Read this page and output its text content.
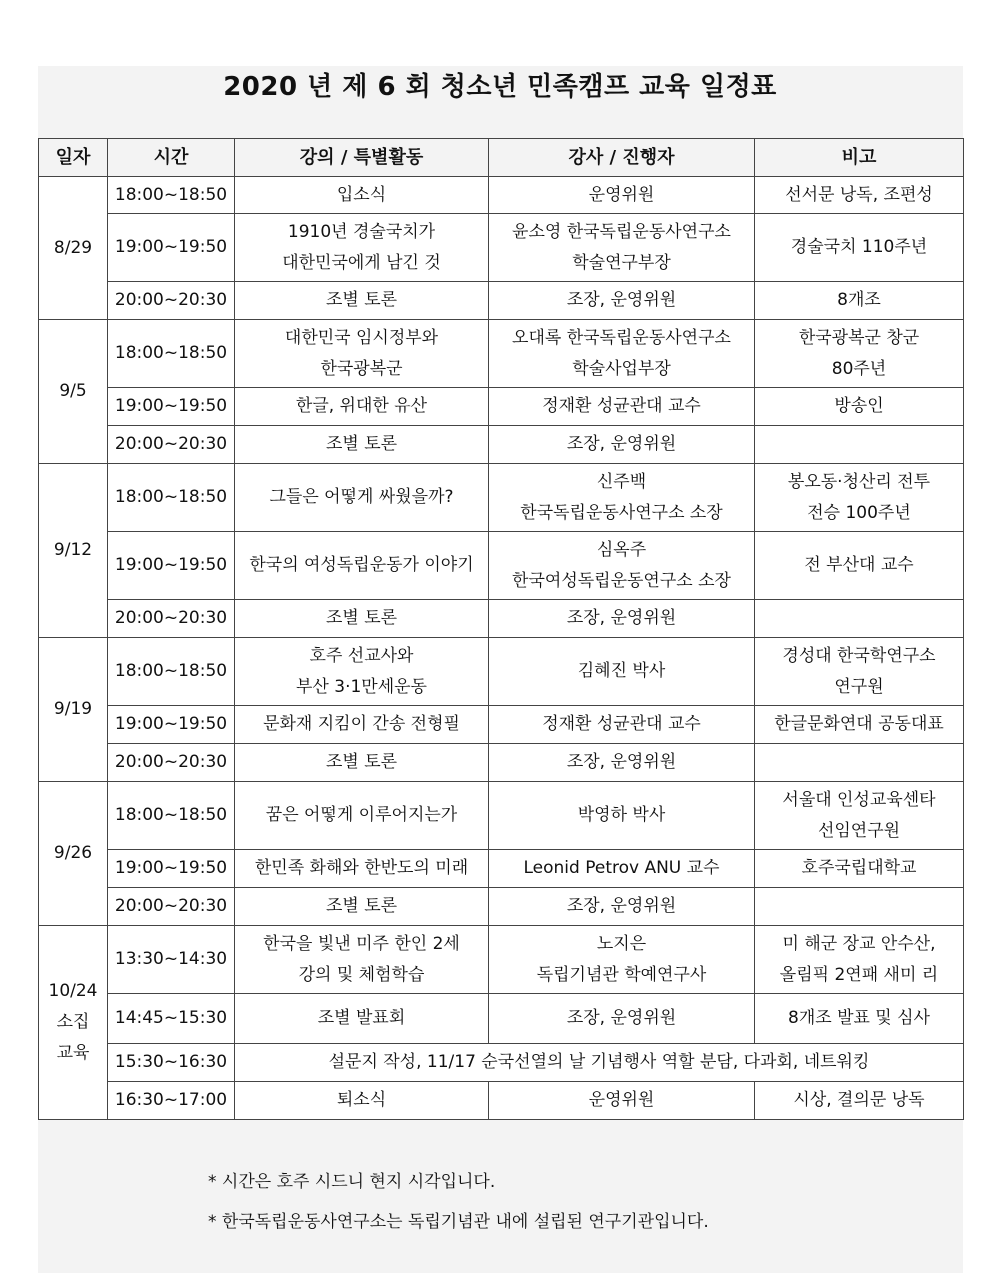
2020 년 제 6 회 청소년 민족캠프 교육 일정표
일자	시간	강의 / 특별활동	강사 / 진행자	비고

8/29	18:00~18:50	입소식	운영위원	선서문 낭독, 조편성

	19:00~19:50	1910년 경술국치가
대한민국에게 남긴 것	윤소영 한국독립운동사연구소
학술연구부장	경술국치 110주년

	20:00~20:30	조별 토론	조장, 운영위원	8개조

9/5	18:00~18:50	대한민국 임시정부와
한국광복군	오대록 한국독립운동사연구소
학술사업부장	한국광복군 창군
80주년

	19:00~19:50	한글, 위대한 유산	정재환 성균관대 교수	방송인

	20:00~20:30	조별 토론	조장, 운영위원	

9/12	18:00~18:50	그들은 어떻게 싸웠을까?	신주백
한국독립운동사연구소 소장	봉오동·청산리 전투
전승 100주년

	19:00~19:50	한국의 여성독립운동가 이야기	심옥주
한국여성독립운동연구소 소장	전 부산대 교수

	20:00~20:30	조별 토론	조장, 운영위원	

9/19	18:00~18:50	호주 선교사와
부산 3·1만세운동	김혜진 박사	경성대 한국학연구소
연구원

	19:00~19:50	문화재 지킴이 간송 전형필	정재환 성균관대 교수	한글문화연대 공동대표

	20:00~20:30	조별 토론	조장, 운영위원	

9/26	18:00~18:50	꿈은 어떻게 이루어지는가	박영하 박사	서울대 인성교육센타
선임연구원

	19:00~19:50	한민족 화해와 한반도의 미래	Leonid Petrov ANU 교수	호주국립대학교

	20:00~20:30	조별 토론	조장, 운영위원	

10/24
소집
교육	13:30~14:30	한국을 빛낸 미주 한인 2세
강의 및 체험학습	노지은
독립기념관 학예연구사	미 해군 장교 안수산,
올림픽 2연패 새미 리

	14:45~15:30	조별 발표회	조장, 운영위원	8개조 발표 및 심사

	15:30~16:30	설문지 작성, 11/17 순국선열의 날 기념행사 역할 분담, 다과회, 네트워킹		
	16:30~17:00	퇴소식	운영위원	시상, 결의문 낭독
* 시간은 호주 시드니 현지 시각입니다.
* 한국독립운동사연구소는 독립기념관 내에 설립된 연구기관입니다.
